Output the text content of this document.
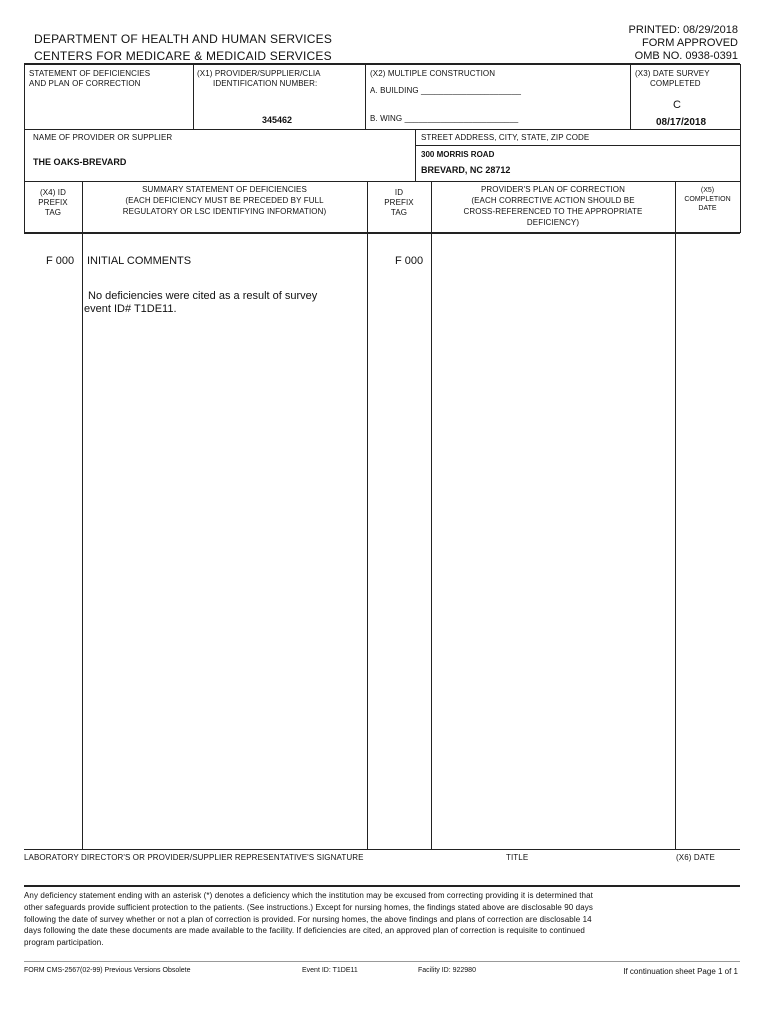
DEPARTMENT OF HEALTH AND HUMAN SERVICES
CENTERS FOR MEDICARE & MEDICAID SERVICES
PRINTED: 08/29/2018
FORM APPROVED
OMB NO. 0938-0391
STATEMENT OF DEFICIENCIES
AND PLAN OF CORRECTION
(X1) PROVIDER/SUPPLIER/CLIA
IDENTIFICATION NUMBER:
345462
(X2) MULTIPLE CONSTRUCTION
A. BUILDING ______________________
B. WING _________________________
(X3) DATE SURVEY
COMPLETED
C
08/17/2018
NAME OF PROVIDER OR SUPPLIER
THE OAKS-BREVARD
STREET ADDRESS, CITY, STATE, ZIP CODE
300 MORRIS ROAD
BREVARD, NC 28712
(X4) ID
PREFIX
TAG
SUMMARY STATEMENT OF DEFICIENCIES
(EACH DEFICIENCY MUST BE PRECEDED BY FULL
REGULATORY OR LSC IDENTIFYING INFORMATION)
ID
PREFIX
TAG
PROVIDER'S PLAN OF CORRECTION
(EACH CORRECTIVE ACTION SHOULD BE
CROSS-REFERENCED TO THE APPROPRIATE
DEFICIENCY)
(X5)
COMPLETION
DATE
F 000 INITIAL COMMENTS
No deficiencies were cited as a result of survey
event ID# T1DE11.
F 000
LABORATORY DIRECTOR'S OR PROVIDER/SUPPLIER REPRESENTATIVE'S SIGNATURE	TITLE	(X6) DATE
Any deficiency statement ending with an asterisk (*) denotes a deficiency which the institution may be excused from correcting providing it is determined that
other safeguards provide sufficient protection to the patients. (See instructions.) Except for nursing homes, the findings stated above are disclosable 90 days
following the date of survey whether or not a plan of correction is provided. For nursing homes, the above findings and plans of correction are disclosable 14
days following the date these documents are made available to the facility. If deficiencies are cited, an approved plan of correction is requisite to continued
program participation.
FORM CMS-2567(02-99) Previous Versions Obsolete	Event ID: T1DE11	Facility ID: 922980	If continuation sheet Page 1 of 1
